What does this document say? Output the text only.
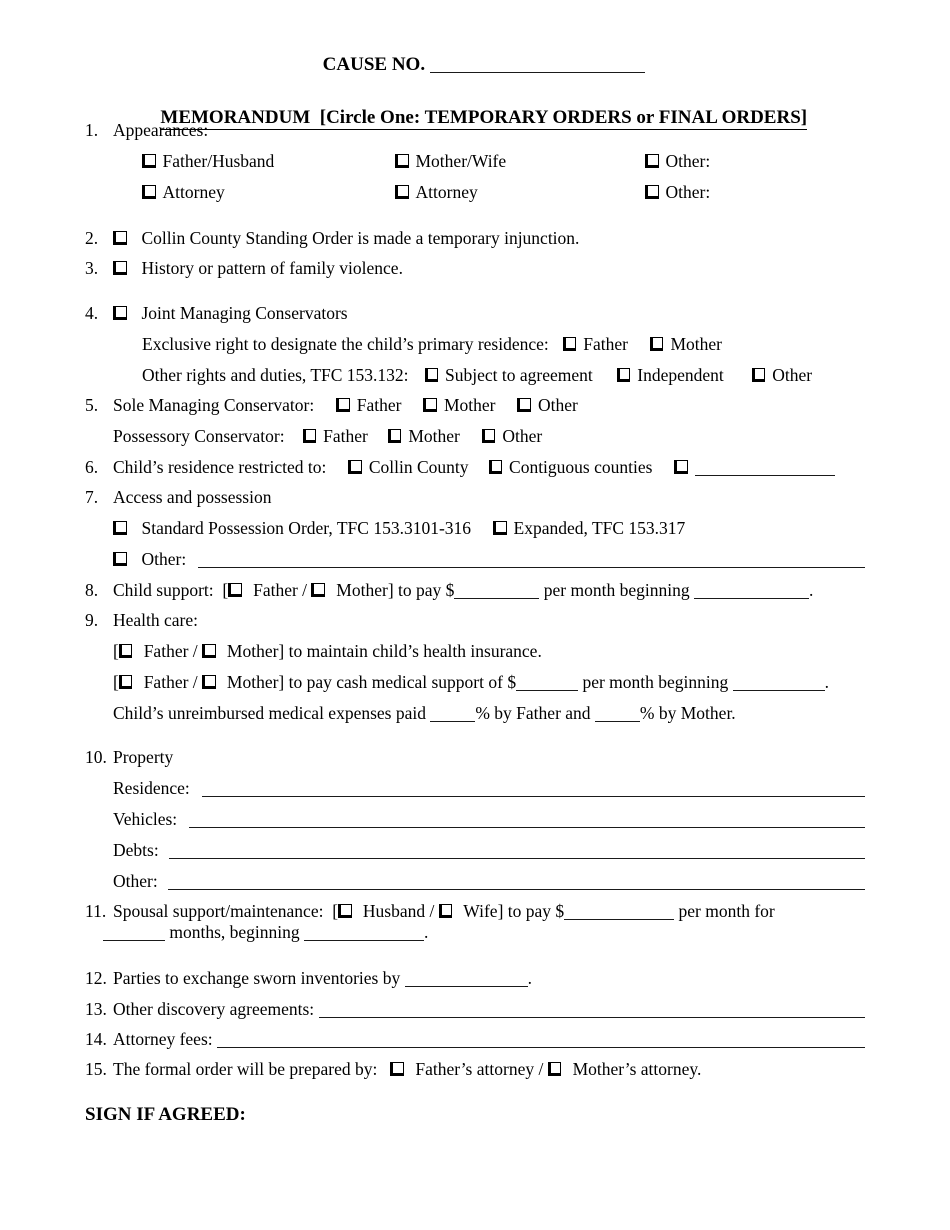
CAUSE NO.

MEMORANDUM  [Circle One: TEMPORARY ORDERS or FINAL ORDERS]

1. Appearances:
Father/Husband	Mother/Wife	Other:
Attorney	Attorney	Other:
2.	Collin County Standing Order is made a temporary injunction.
3.	History or pattern of family violence.
4.	Joint Managing Conservators
Exclusive right to designate the child’s primary residence: Father Mother
Other rights and duties, TFC 153.132: Subject to agreement	Independent	Other
5. Sole Managing Conservator: Father Mother Other
Possessory Conservator: Father Mother Other
6. Child’s residence restricted to: Collin County Contiguous counties
7. Access and possession
Standard Possession Order, TFC 153.3101-316 Expanded, TFC 153.317
Other:
8. Child support:  [ Father / Mother] to pay $	per month beginning	.
9. Health care:
[ Father / Mother] to maintain child’s health insurance.
[ Father / Mother] to pay cash medical support of $	per month beginning	.
Child’s unreimbursed medical expenses paid	% by Father and	% by Mother.
10. Property
Residence:
Vehicles:
Debts:
Other:
11. Spousal support/maintenance:  [ Husband / Wife] to pay $	per month for
months, beginning	.
12. Parties to exchange sworn inventories by	.
13. Other discovery agreements:
14. Attorney fees:
15. The formal order will be prepared by: Father’s attorney / Mother’s attorney.
SIGN IF AGREED:
